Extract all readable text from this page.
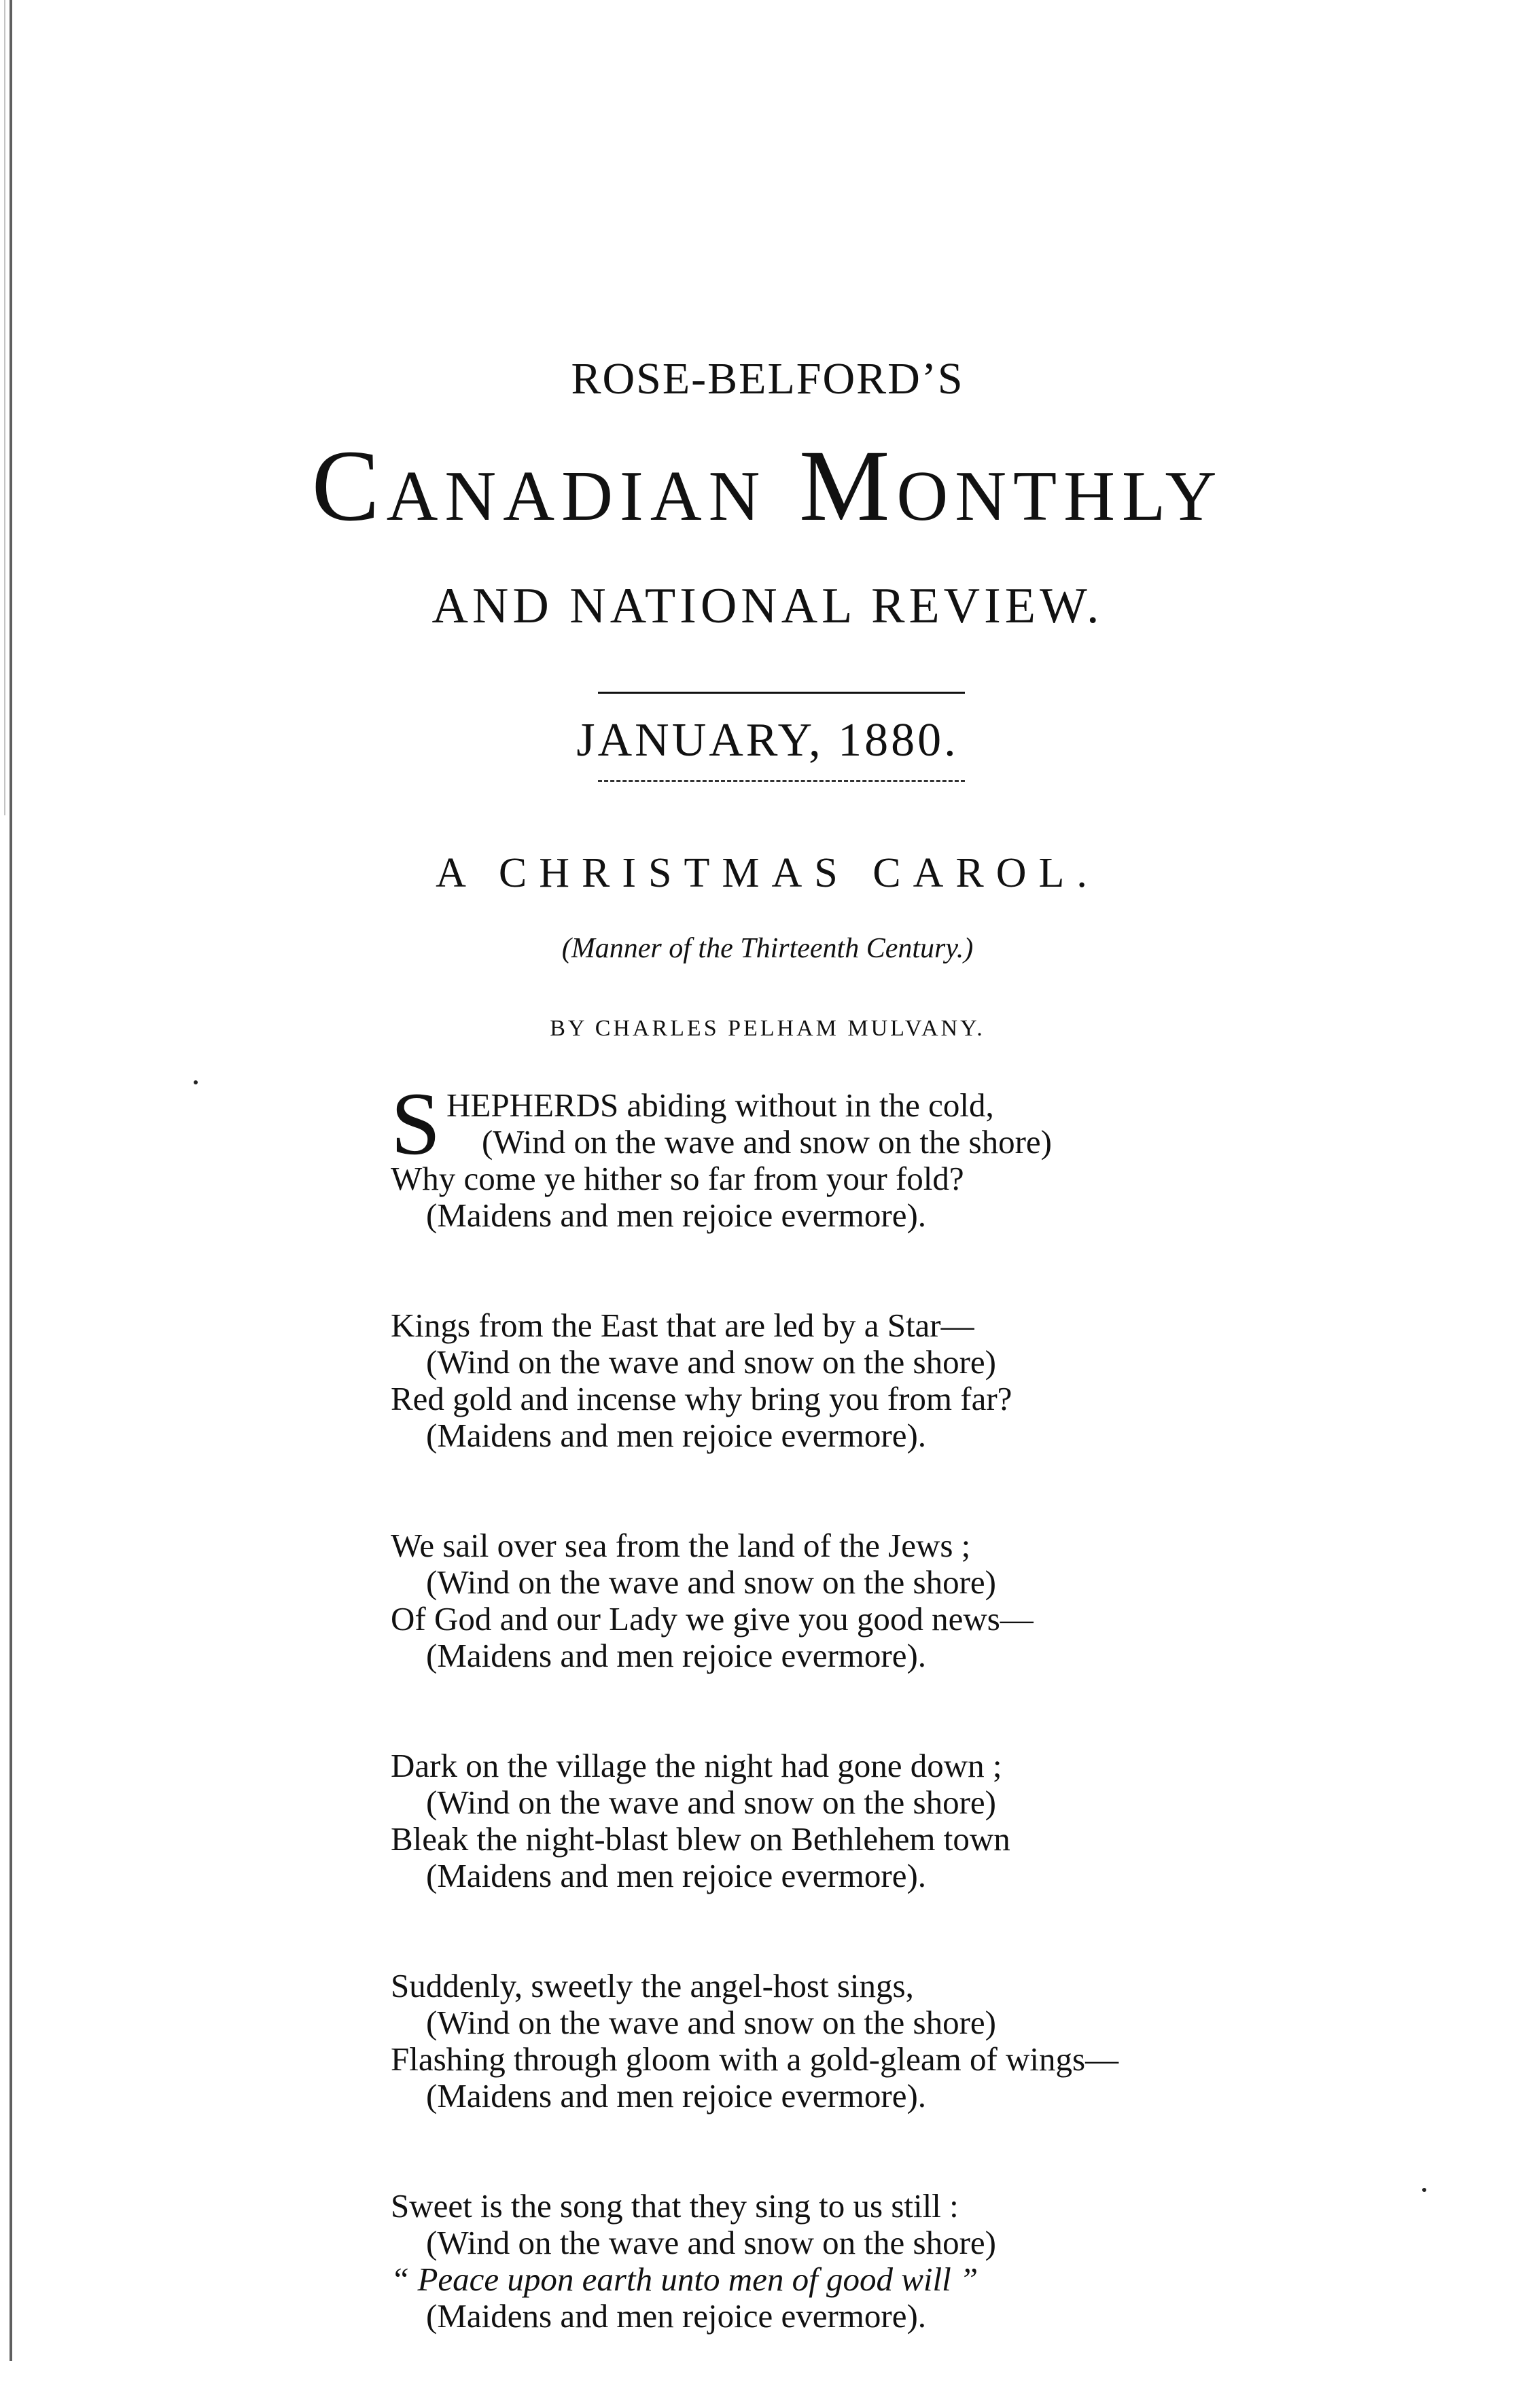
ROSE-BELFORD’S
Canadian Monthly
AND NATIONAL REVIEW.
JANUARY, 1880.
A CHRISTMAS CAROL.
(Manner of the Thirteenth Century.)
BY CHARLES PELHAM MULVANY.
S HEPHERDS abiding without in the cold,
(Wind on the wave and snow on the shore)
Why come ye hither so far from your fold?
(Maidens and men rejoice evermore).
Kings from the East that are led by a Star—
(Wind on the wave and snow on the shore)
Red gold and incense why bring you from far?
(Maidens and men rejoice evermore).
We sail over sea from the land of the Jews ;
(Wind on the wave and snow on the shore)
Of God and our Lady we give you good news—
(Maidens and men rejoice evermore).
Dark on the village the night had gone down ;
(Wind on the wave and snow on the shore)
Bleak the night-blast blew on Bethlehem town
(Maidens and men rejoice evermore).
Suddenly, sweetly the angel-host sings,
(Wind on the wave and snow on the shore)
Flashing through gloom with a gold-gleam of wings—
(Maidens and men rejoice evermore).
Sweet is the song that they sing to us still :
(Wind on the wave and snow on the shore)
“ Peace upon earth unto men of good will ”
(Maidens and men rejoice evermore).
